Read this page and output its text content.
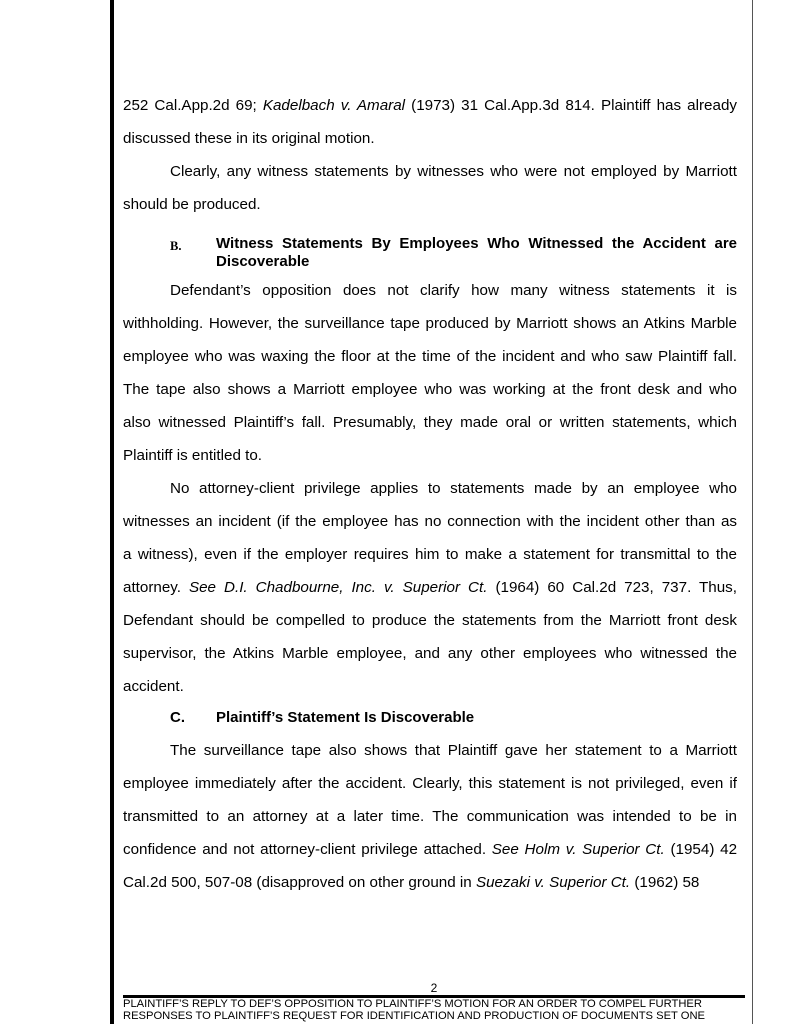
252 Cal.App.2d 69; Kadelbach v. Amaral (1973) 31 Cal.App.3d 814. Plaintiff has already
discussed these in its original motion.
Clearly, any witness statements by witnesses who were not employed by Marriott
should be produced.
Defendant’s opposition does not clarify how many witness statements it is
withholding. However, the surveillance tape produced by Marriott shows an Atkins Marble
employee who was waxing the floor at the time of the incident and who saw Plaintiff fall.
The tape also shows a Marriott employee who was working at the front desk and who
also witnessed Plaintiff’s fall. Presumably, they made oral or written statements, which
Plaintiff is entitled to.
No attorney-client privilege applies to statements made by an employee who
witnesses an incident (if the employee has no connection with the incident other than as
a witness), even if the employer requires him to make a statement for transmittal to the
attorney. See D.I. Chadbourne, Inc. v. Superior Ct. (1964) 60 Cal.2d 723, 737. Thus,
Defendant should be compelled to produce the statements from the Marriott front desk
supervisor, the Atkins Marble employee, and any other employees who witnessed the
accident.
The surveillance tape also shows that Plaintiff gave her statement to a Marriott
employee immediately after the accident. Clearly, this statement is not privileged, even if
transmitted to an attorney at a later time. The communication was intended to be in
confidence and not attorney-client privilege attached. See Holm v. Superior Ct. (1954) 42
Cal.2d 500, 507-08 (disapproved on other ground in Suezaki v. Superior Ct. (1962) 58
B. Witness Statements By Employees Who Witnessed the Accident are
Discoverable
C. Plaintiff’s Statement Is Discoverable
2
PLAINTIFF’S REPLY TO DEF’S OPPOSITION TO PLAINTIFF’S MOTION FOR AN ORDER TO COMPEL FURTHER
RESPONSES TO PLAINTIFF’S REQUEST FOR IDENTIFICATION AND PRODUCTION OF DOCUMENTS SET ONE
